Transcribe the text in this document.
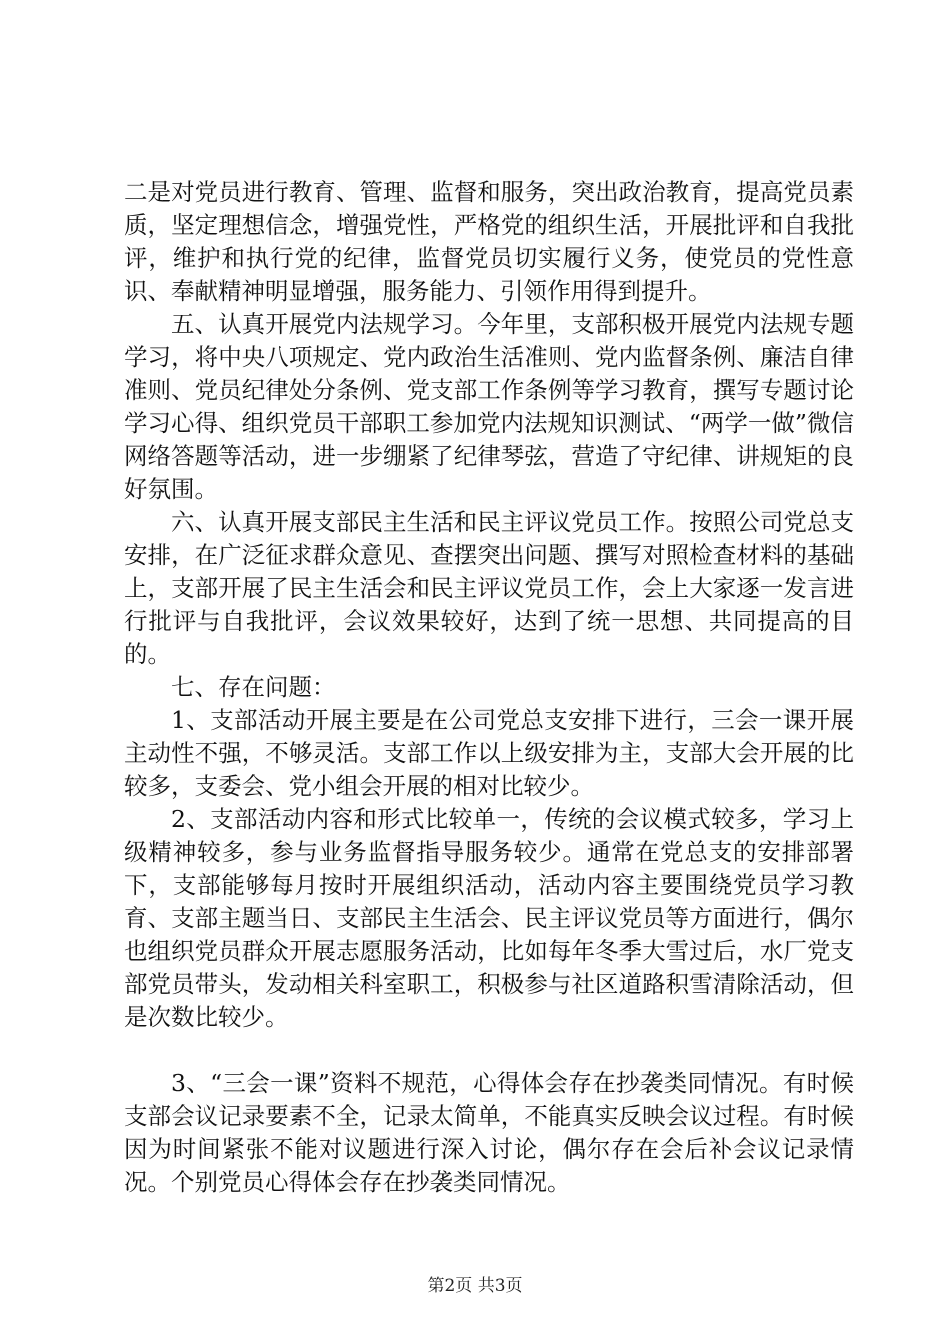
二是对党员进行教育、管理、监督和服务，突出政治教育，提高党员素质，坚定理想信念，增强党性，严格党的组织生活，开展批评和自我批评，维护和执行党的纪律，监督党员切实履行义务，使党员的党性意识、奉献精神明显增强，服务能力、引领作用得到提升。

五、认真开展党内法规学习。今年里，支部积极开展党内法规专题学习，将中央八项规定、党内政治生活准则、党内监督条例、廉洁自律准则、党员纪律处分条例、党支部工作条例等学习教育，撰写专题讨论学习心得、组织党员干部职工参加党内法规知识测试、“两学一做”微信网络答题等活动，进一步绷紧了纪律琴弦，营造了守纪律、讲规矩的良好氛围。

六、认真开展支部民主生活和民主评议党员工作。按照公司党总支安排，在广泛征求群众意见、查摆突出问题、撰写对照检查材料的基础上，支部开展了民主生活会和民主评议党员工作，会上大家逐一发言进行批评与自我批评，会议效果较好，达到了统一思想、共同提高的目的。

七、存在问题：

1、支部活动开展主要是在公司党总支安排下进行，三会一课开展主动性不强，不够灵活。支部工作以上级安排为主，支部大会开展的比较多，支委会、党小组会开展的相对比较少。

2、支部活动内容和形式比较单一，传统的会议模式较多，学习上级精神较多，参与业务监督指导服务较少。通常在党总支的安排部署下，支部能够每月按时开展组织活动，活动内容主要围绕党员学习教育、支部主题当日、支部民主生活会、民主评议党员等方面进行，偶尔也组织党员群众开展志愿服务活动，比如每年冬季大雪过后，水厂党支部党员带头，发动相关科室职工，积极参与社区道路积雪清除活动，但是次数比较少。

3、“三会一课”资料不规范，心得体会存在抄袭类同情况。有时候支部会议记录要素不全，记录太简单，不能真实反映会议过程。有时候因为时间紧张不能对议题进行深入讨论，偶尔存在会后补会议记录情况。个别党员心得体会存在抄袭类同情况。

第2页 共3页
